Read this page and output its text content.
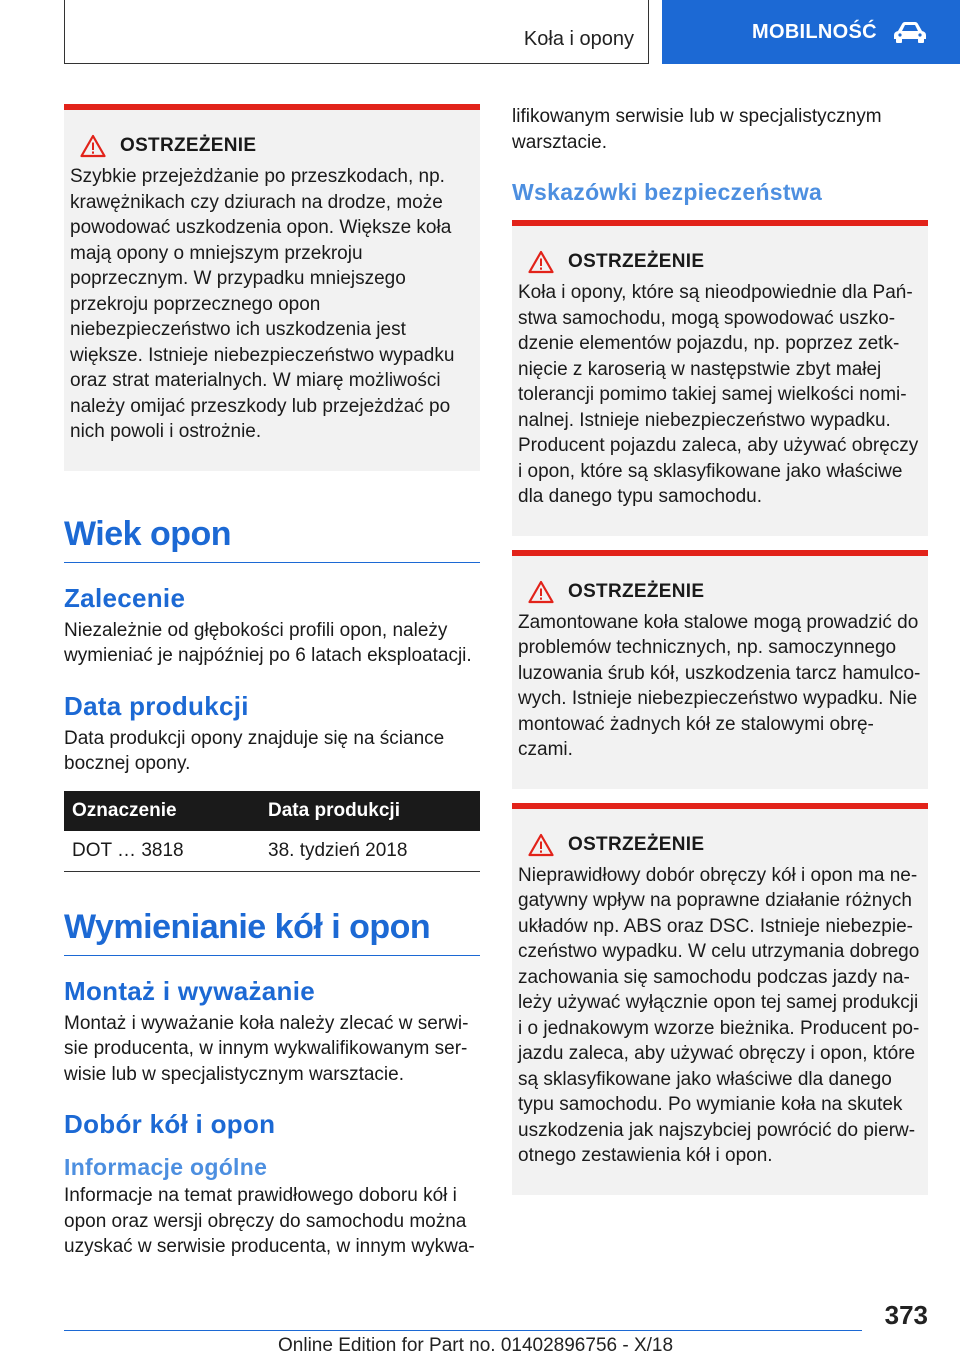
Koła i opony	MOBILNOŚĆ
OSTRZEŻENIE
Szybkie przejeżdżanie po przeszkodach, np. krawężnikach czy dziurach na drodze, może powodować uszkodzenia opon. Większe koła mają opony o mniejszym przekroju poprzecznym. W przypadku mniejszego przekroju poprzecznego opon niebezpieczeństwo ich uszkodzenia jest większe. Istnieje niebezpieczeństwo wypadku oraz strat materialnych. W miarę możliwości należy omijać przeszkody lub przejeżdżać po nich powoli i ostrożnie.
Wiek opon
Zalecenie

Niezależnie od głębokości profili opon, należy wymieniać je najpóźniej po 6 latach eksploatacji.

Data produkcji

Data produkcji opony znajduje się na ściance bocznej opony.

Oznaczenie	Data produkcji
DOT … 3818	38. tydzień 2018
Wymienianie kół i opon
Montaż i wyważanie

Montaż i wyważanie koła należy zlecać w serwisie producenta, w innym wykwalifikowanym serwisie lub w specjalistycznym warsztacie.

Dobór kół i opon
Informacje ogólne

Informacje na temat prawidłowego doboru kół i opon oraz wersji obręczy do samochodu można uzyskać w serwisie producenta, w innym wykwa-

lifikowanym serwisie lub w specjalistycznym warsztacie.

Wskazówki bezpieczeństwa
OSTRZEŻENIE
Koła i opony, które są nieodpowiednie dla Państwa samochodu, mogą spowodować uszkodzenie elementów pojazdu, np. poprzez zetknięcie z karoserią w następstwie zbyt małej tolerancji pomimo takiej samej wielkości nominalnej. Istnieje niebezpieczeństwo wypadku. Producent pojazdu zaleca, aby używać obręczy i opon, które są sklasyfikowane jako właściwe dla danego typu samochodu.
OSTRZEŻENIE
Zamontowane koła stalowe mogą prowadzić do problemów technicznych, np. samoczynnego luzowania śrub kół, uszkodzenia tarcz hamulcowych. Istnieje niebezpieczeństwo wypadku. Nie montować żadnych kół ze stalowymi obręczami.
OSTRZEŻENIE
Nieprawidłowy dobór obręczy kół i opon ma negatywny wpływ na poprawne działanie różnych układów np. ABS oraz DSC. Istnieje niebezpieczeństwo wypadku. W celu utrzymania dobrego zachowania się samochodu podczas jazdy należy używać wyłącznie opon tej samej produkcji i o jednakowym wzorze bieżnika. Producent pojazdu zaleca, aby używać obręczy i opon, które są sklasyfikowane jako właściwe dla danego typu samochodu. Po wymianie koła na skutek uszkodzenia jak najszybciej powrócić do pierwotnego zestawienia kół i opon.
373
Online Edition for Part no. 01402896756 - X/18
